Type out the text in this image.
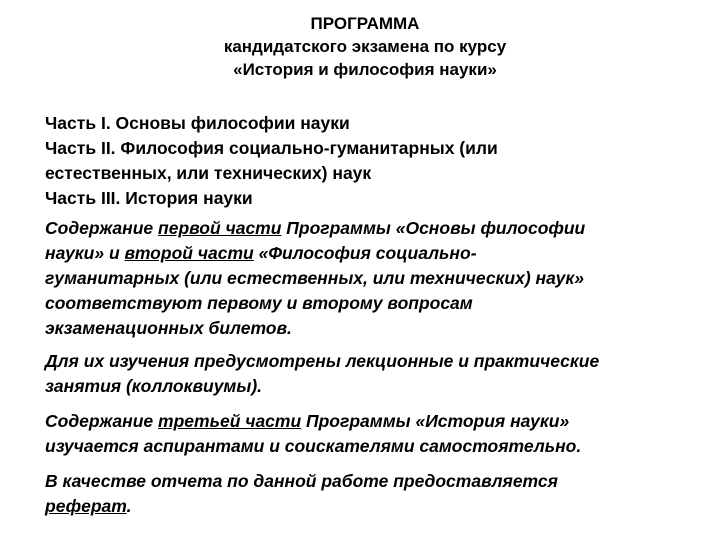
ПРОГРАММА
кандидатского экзамена по курсу
«История и философия науки»
Часть I. Основы философии науки
Часть II. Философия социально-гуманитарных (или
естественных, или технических) наук
Часть III. История науки
Содержание первой части Программы «Основы философии
науки» и второй части «Философия социально-
гуманитарных (или естественных, или технических) наук»
соответствуют первому и второму вопросам
экзаменационных билетов.
Для их изучения предусмотрены лекционные и практические
занятия (коллоквиумы).
Содержание третьей части Программы «История науки»
изучается аспирантами и соискателями самостоятельно.
В качестве отчета по данной работе предоставляется
реферат.
